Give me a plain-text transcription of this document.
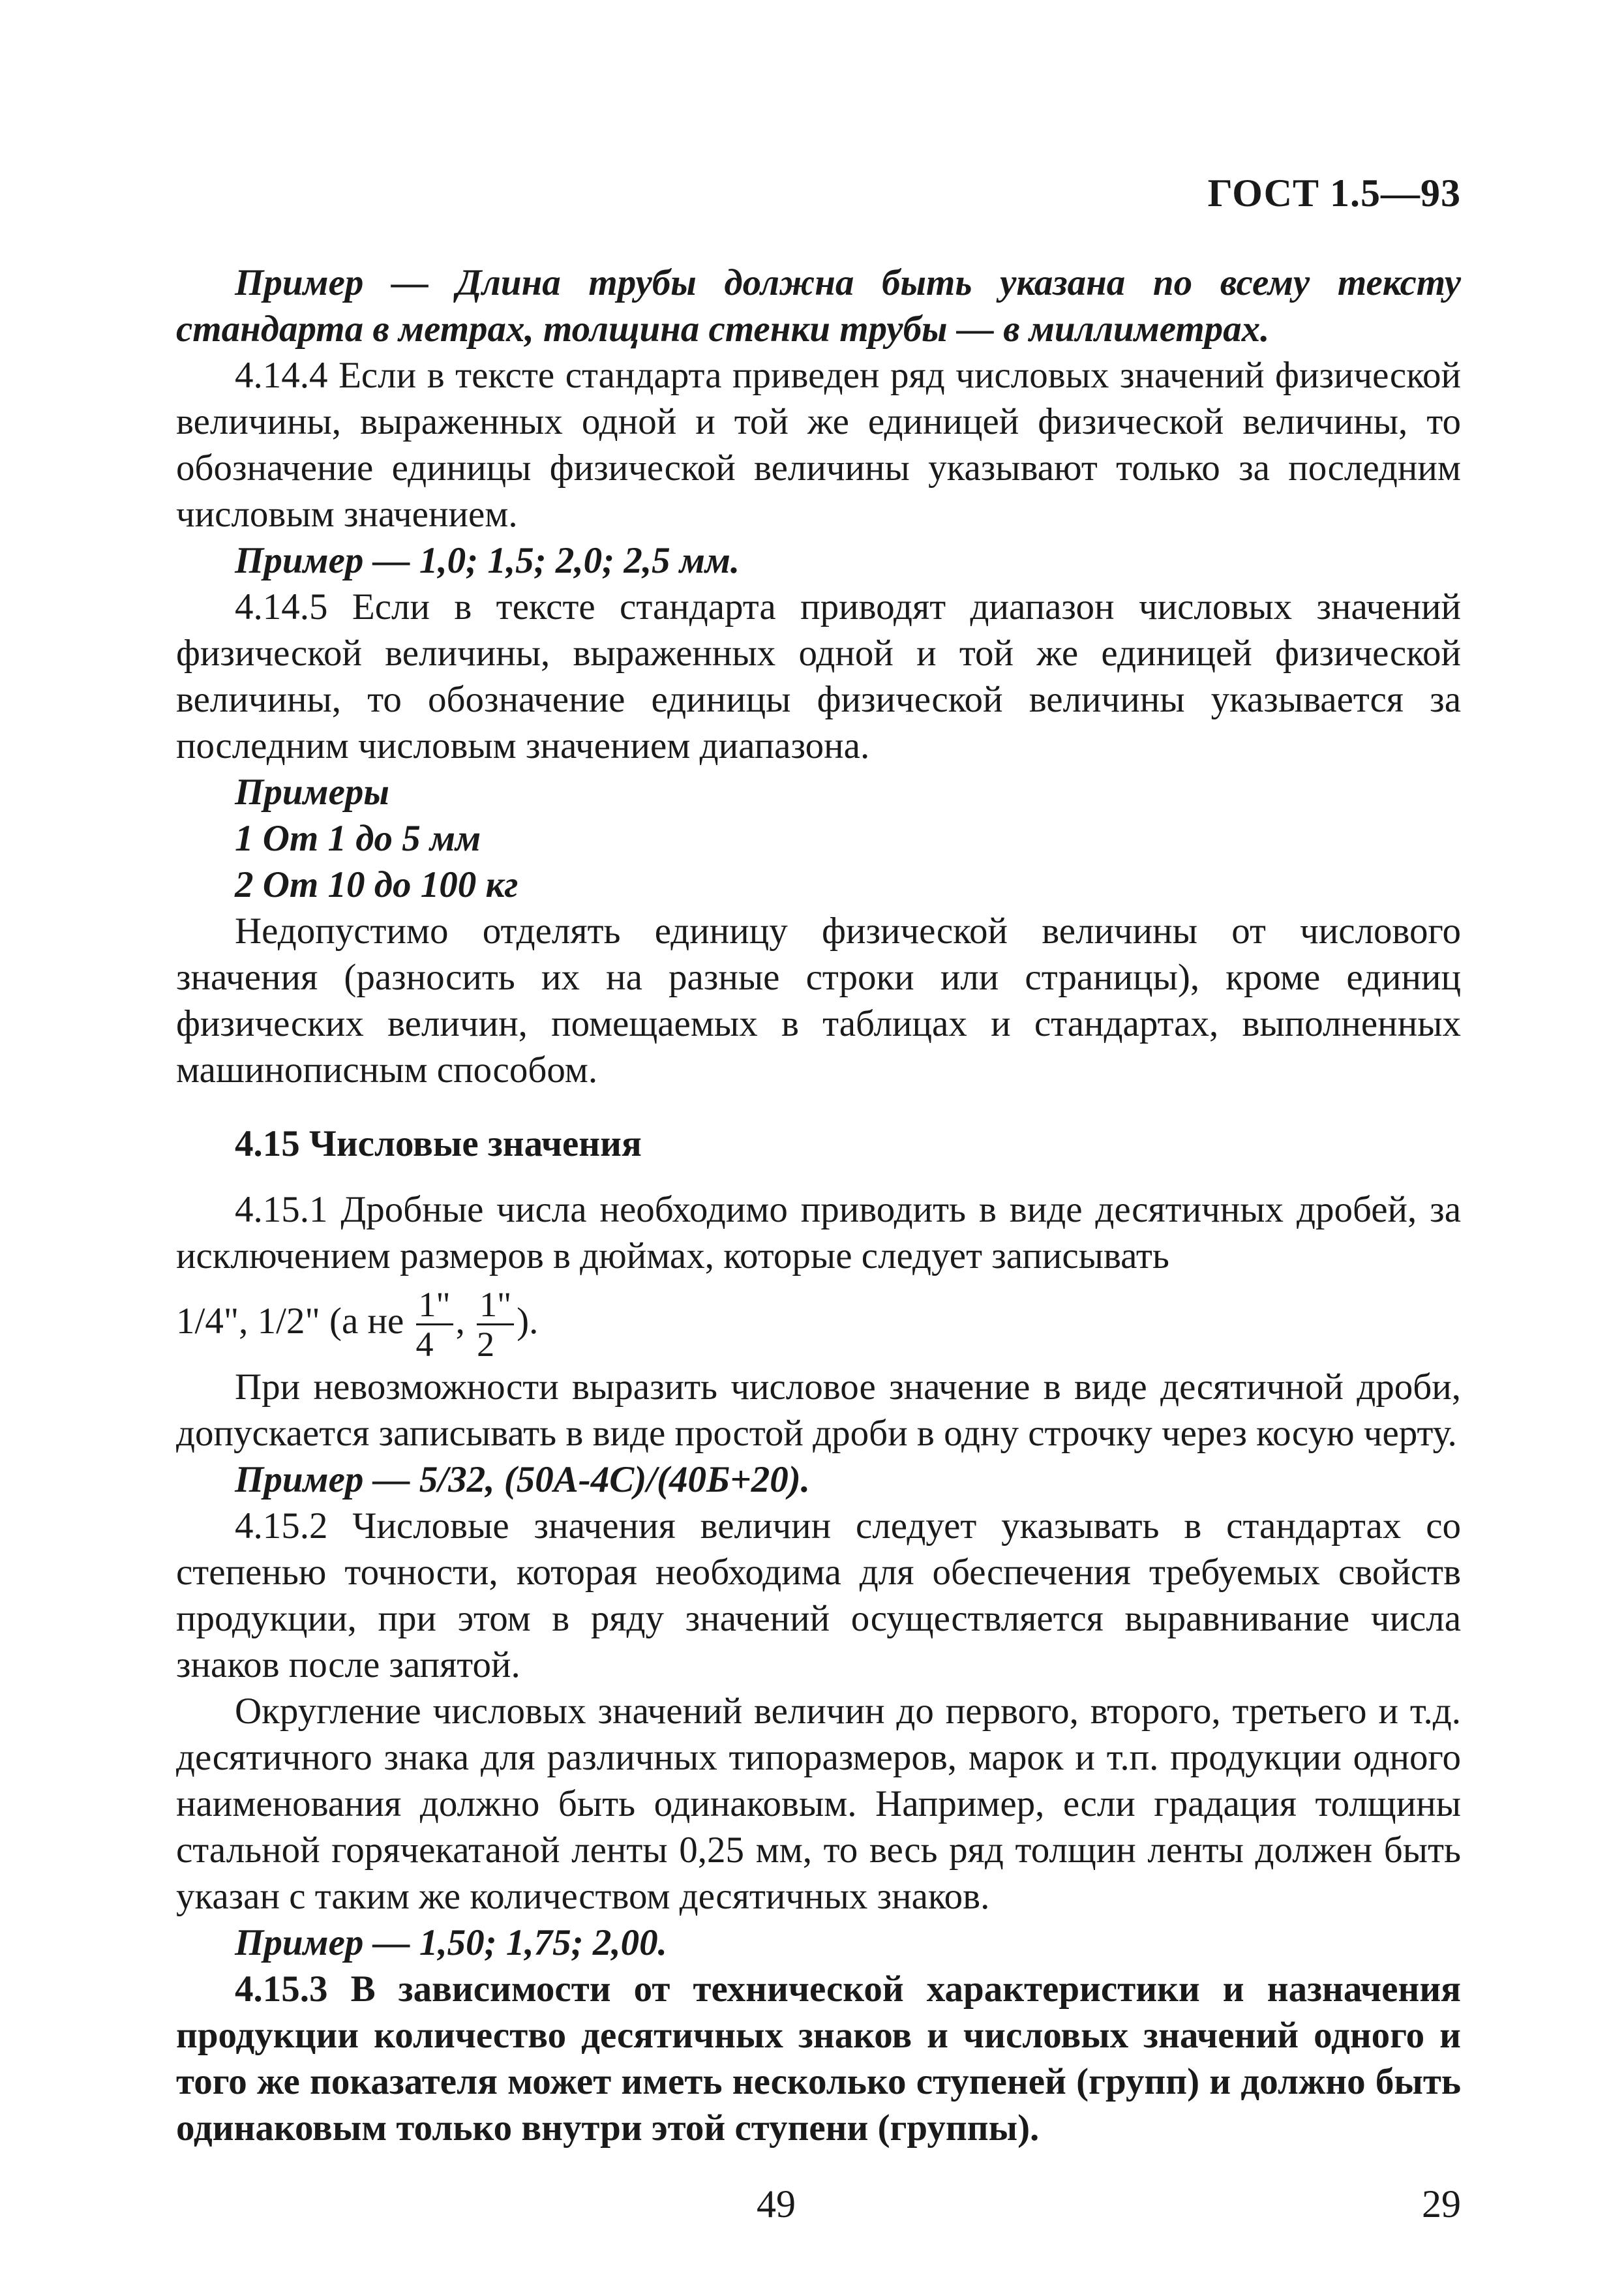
ГОСТ 1.5—93

Пример — Длина трубы должна быть указана по всему тексту стандарта в метрах, толщина стенки трубы — в миллиметрах.

4.14.4 Если в тексте стандарта приведен ряд числовых значений физической величины, выраженных одной и той же единицей физической величины, то обозначение единицы физической величины указывают только за последним числовым значением.

Пример — 1,0; 1,5; 2,0; 2,5 мм.

4.14.5 Если в тексте стандарта приводят диапазон числовых значений физической величины, выраженных одной и той же единицей физической величины, то обозначение единицы физической величины указывается за последним числовым значением диапазона.

Примеры

1 От 1 до 5 мм

2 От 10 до 100 кг

Недопустимо отделять единицу физической величины от числового значения (разносить их на разные строки или страницы), кроме единиц физических величин, помещаемых в таблицах и стандартах, выполненных машинописным способом.

4.15 Числовые значения

4.15.1 Дробные числа необходимо приводить в виде десятичных дробей, за исключением размеров в дюймах, которые следует записывать

1/4", 1/2" (а не $\frac{1"}{4}$ , $\frac{1"}{2}$ ).

При невозможности выразить числовое значение в виде десятичной дроби, допускается записывать в виде простой дроби в одну строчку через косую черту.

Пример — 5/32, (50А-4С)/(40Б+20).

4.15.2 Числовые значения величин следует указывать в стандартах со степенью точности, которая необходима для обеспечения требуемых свойств продукции, при этом в ряду значений осуществляется выравнивание числа знаков после запятой.

Округление числовых значений величин до первого, второго, третьего и т.д. десятичного знака для различных типоразмеров, марок и т.п. продукции одного наименования должно быть одинаковым. Например, если градация толщины стальной горячекатаной ленты 0,25 мм, то весь ряд толщин ленты должен быть указан с таким же количеством десятичных знаков.

Пример — 1,50; 1,75; 2,00.

4.15.3 В зависимости от технической характеристики и назначения продукции количество десятичных знаков и числовых значений одного и того же показателя может иметь несколько ступеней (групп) и должно быть одинаковым только внутри этой ступени (группы).

49	29
